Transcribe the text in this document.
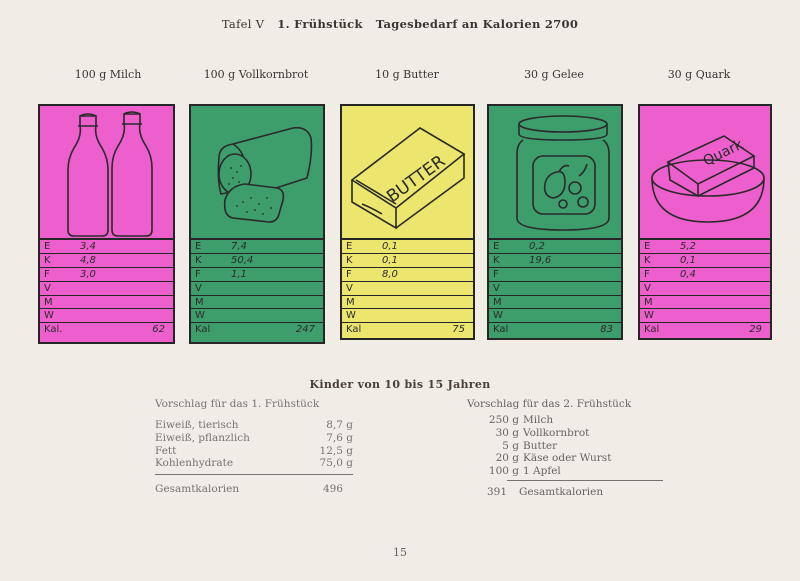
Tafel V 1. Frühstück Tagesbedarf an Kalorien 2700
100 g Milch	100 g Vollkornbrot	10 g Butter	30 g Gelee	30 g Quark
E	3,4
K	4,8
F	3,0
V
M
W
Kal.	62
E	7,4
K	50,4
F	1,1
V
M
W
Kal	247
BUTTER
E	0,1
K	0,1
F	8,0
V
M
W
Kal	75
E	0,2
K	19,6
F
V
M
W
Kal	83
Quark
E	5,2
K	0,1
F	0,4
V
M
W
Kal	29
Kinder von 10 bis 15 Jahren
Vorschlag für das 1. Frühstück
Eiweiß, tierisch	8,7 g
Eiweiß, pflanzlich	7,6 g
Fett	12,5 g
Kohlenhydrate	75,0 g
Gesamtkalorien	496
Vorschlag für das 2. Frühstück
250 g Milch
30 g Vollkornbrot
5 g Butter
20 g Käse oder Wurst
100 g 1 Apfel
391 Gesamtkalorien
15
